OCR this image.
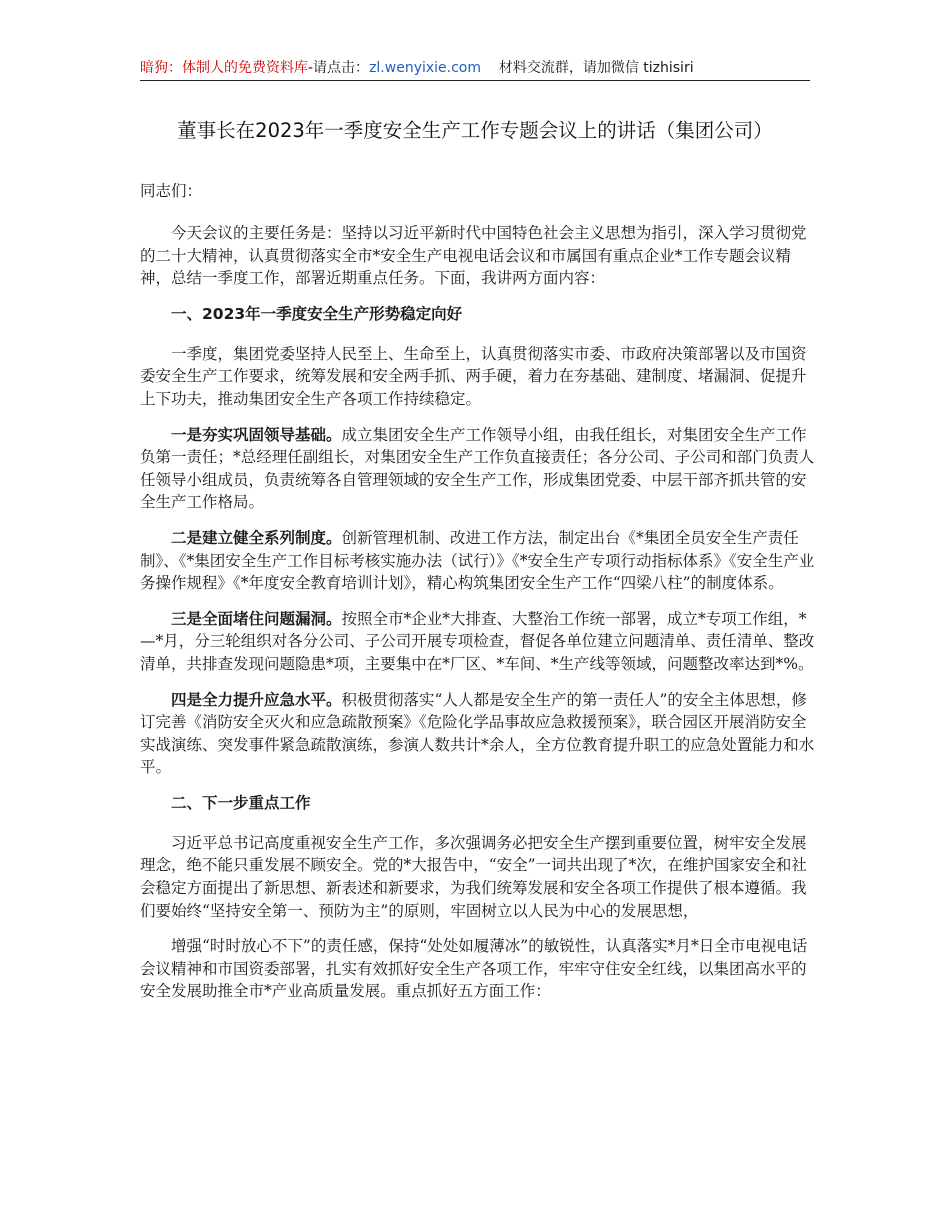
暗狗：体制人的免费资料库-请点击：zl.wenyixie.com 材料交流群，请加微信 tizhisiri
董事长在2023年一季度安全生产工作专题会议上的讲话（集团公司）
同志们：

今天会议的主要任务是：坚持以习近平新时代中国特色社会主义思想为指引，深入学习贯彻党的二十大精神，认真贯彻落实全市*安全生产电视电话会议和市属国有重点企业*工作专题会议精神，总结一季度工作，部署近期重点任务。下面，我讲两方面内容：

一、2023年一季度安全生产形势稳定向好

一季度，集团党委坚持人民至上、生命至上，认真贯彻落实市委、市政府决策部署以及市国资委安全生产工作要求，统筹发展和安全两手抓、两手硬，着力在夯基础、建制度、堵漏洞、促提升上下功夫，推动集团安全生产各项工作持续稳定。

一是夯实巩固领导基础。成立集团安全生产工作领导小组，由我任组长，对集团安全生产工作负第一责任；*总经理任副组长，对集团安全生产工作负直接责任；各分公司、子公司和部门负责人任领导小组成员，负责统筹各自管理领域的安全生产工作，形成集团党委、中层干部齐抓共管的安全生产工作格局。

二是建立健全系列制度。创新管理机制、改进工作方法，制定出台《*集团全员安全生产责任制》、《*集团安全生产工作目标考核实施办法（试行）》《*安全生产专项行动指标体系》《安全生产业务操作规程》《*年度安全教育培训计划》，精心构筑集团安全生产工作“四梁八柱”的制度体系。

三是全面堵住问题漏洞。按照全市*企业*大排查、大整治工作统一部署，成立*专项工作组，*—*月，分三轮组织对各分公司、子公司开展专项检查，督促各单位建立问题清单、责任清单、整改清单，共排查发现问题隐患*项，主要集中在*厂区、*车间、*生产线等领域，问题整改率达到*%。

四是全力提升应急水平。积极贯彻落实“人人都是安全生产的第一责任人”的安全主体思想，修订完善《消防安全灭火和应急疏散预案》《危险化学品事故应急救援预案》，联合园区开展消防安全实战演练、突发事件紧急疏散演练，参演人数共计*余人，全方位教育提升职工的应急处置能力和水平。

二、下一步重点工作

习近平总书记高度重视安全生产工作，多次强调务必把安全生产摆到重要位置，树牢安全发展理念，绝不能只重发展不顾安全。党的*大报告中，“安全”一词共出现了*次，在维护国家安全和社会稳定方面提出了新思想、新表述和新要求，为我们统筹发展和安全各项工作提供了根本遵循。我们要始终“坚持安全第一、预防为主”的原则，牢固树立以人民为中心的发展思想，

增强“时时放心不下”的责任感，保持“处处如履薄冰”的敏锐性，认真落实*月*日全市电视电话会议精神和市国资委部署，扎实有效抓好安全生产各项工作，牢牢守住安全红线，以集团高水平的安全发展助推全市*产业高质量发展。重点抓好五方面工作：
